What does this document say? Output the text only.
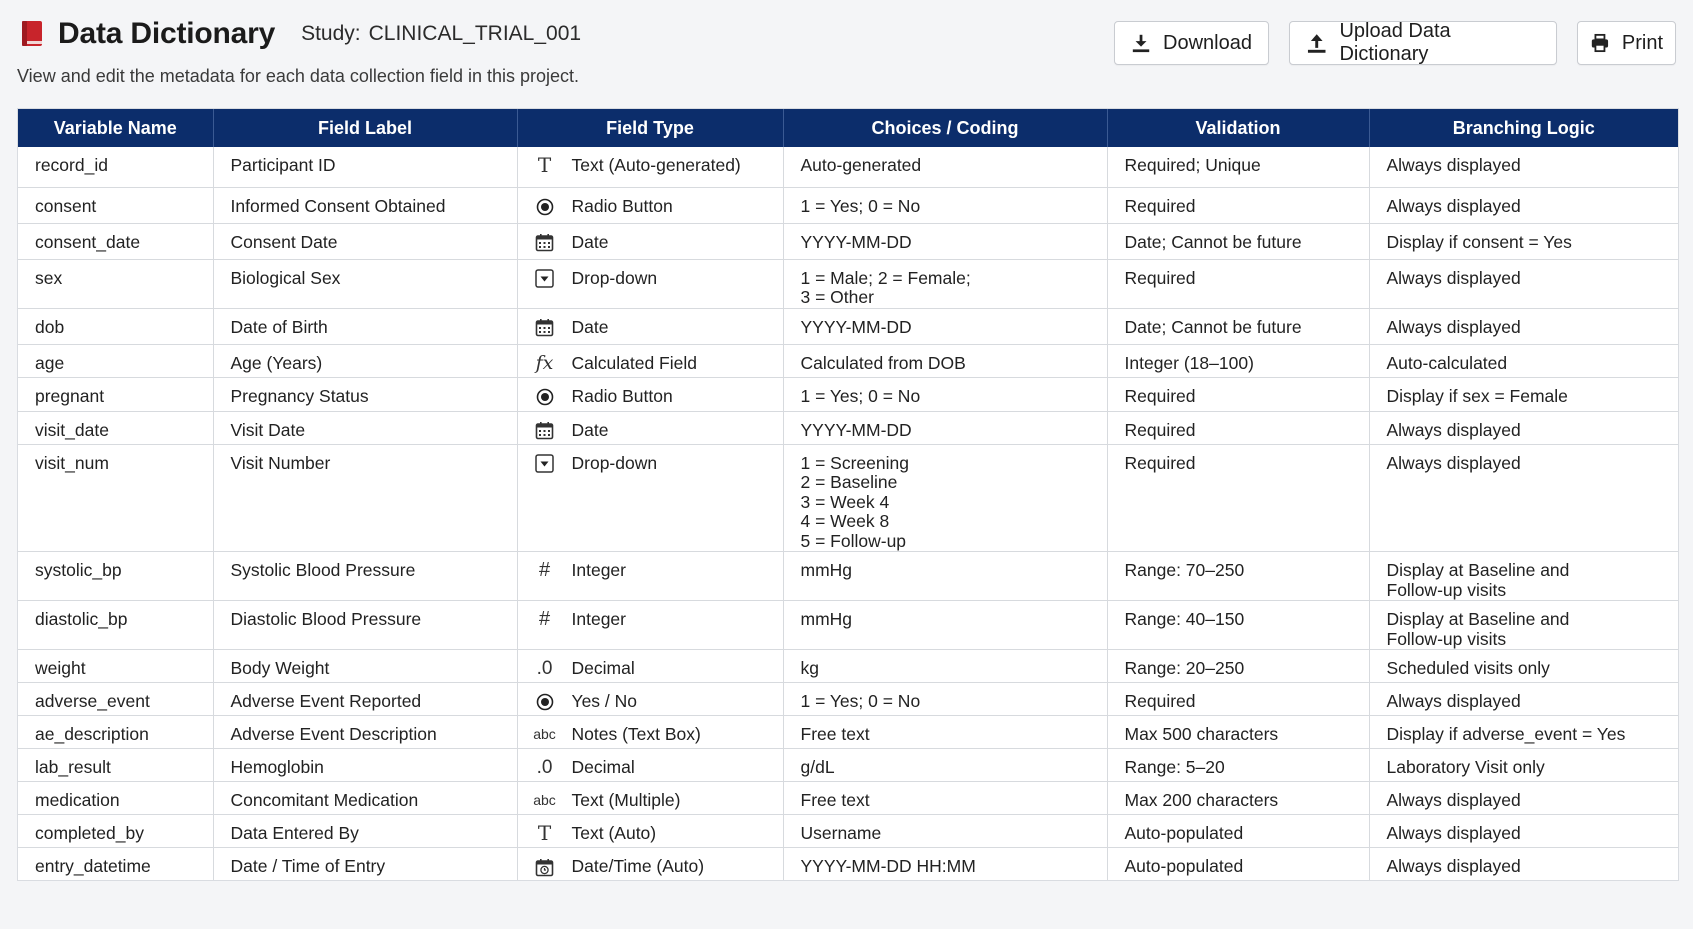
Data Dictionary Study: CLINICAL_TRIAL_001
View and edit the metadata for each data collection field in this project.
Download
Upload Data Dictionary
Print
Variable Name	Field Label	Field Type	Choices / Coding	Validation	Branching Logic
record_id	Participant ID	T Text (Auto-generated)	Auto-generated	Required; Unique	Always displayed
consent	Informed Consent Obtained	Radio Button	1 = Yes; 0 = No	Required	Always displayed
consent_date	Consent Date	Date	YYYY-MM-DD	Date; Cannot be future	Display if consent = Yes
sex	Biological Sex	Drop-down	1 = Male; 2 = Female;
3 = Other	Required	Always displayed
dob	Date of Birth	Date	YYYY-MM-DD	Date; Cannot be future	Always displayed
age	Age (Years)	fx Calculated Field	Calculated from DOB	Integer (18–100)	Auto-calculated
pregnant	Pregnancy Status	Radio Button	1 = Yes; 0 = No	Required	Display if sex = Female
visit_date	Visit Date	Date	YYYY-MM-DD	Required	Always displayed
visit_num	Visit Number	Drop-down	1 = Screening
2 = Baseline
3 = Week 4
4 = Week 8
5 = Follow-up	Required	Always displayed
systolic_bp	Systolic Blood Pressure	# Integer	mmHg	Range: 70–250	Display at Baseline and
Follow-up visits
diastolic_bp	Diastolic Blood Pressure	# Integer	mmHg	Range: 40–150	Display at Baseline and
Follow-up visits
weight	Body Weight	.0 Decimal	kg	Range: 20–250	Scheduled visits only
adverse_event	Adverse Event Reported	Yes / No	1 = Yes; 0 = No	Required	Always displayed
ae_description	Adverse Event Description	abc Notes (Text Box)	Free text	Max 500 characters	Display if adverse_event = Yes
lab_result	Hemoglobin	.0 Decimal	g/dL	Range: 5–20	Laboratory Visit only
medication	Concomitant Medication	abc Text (Multiple)	Free text	Max 200 characters	Always displayed
completed_by	Data Entered By	T Text (Auto)	Username	Auto-populated	Always displayed
entry_datetime	Date / Time of Entry	Date/Time (Auto)	YYYY-MM-DD HH:MM	Auto-populated	Always displayed
